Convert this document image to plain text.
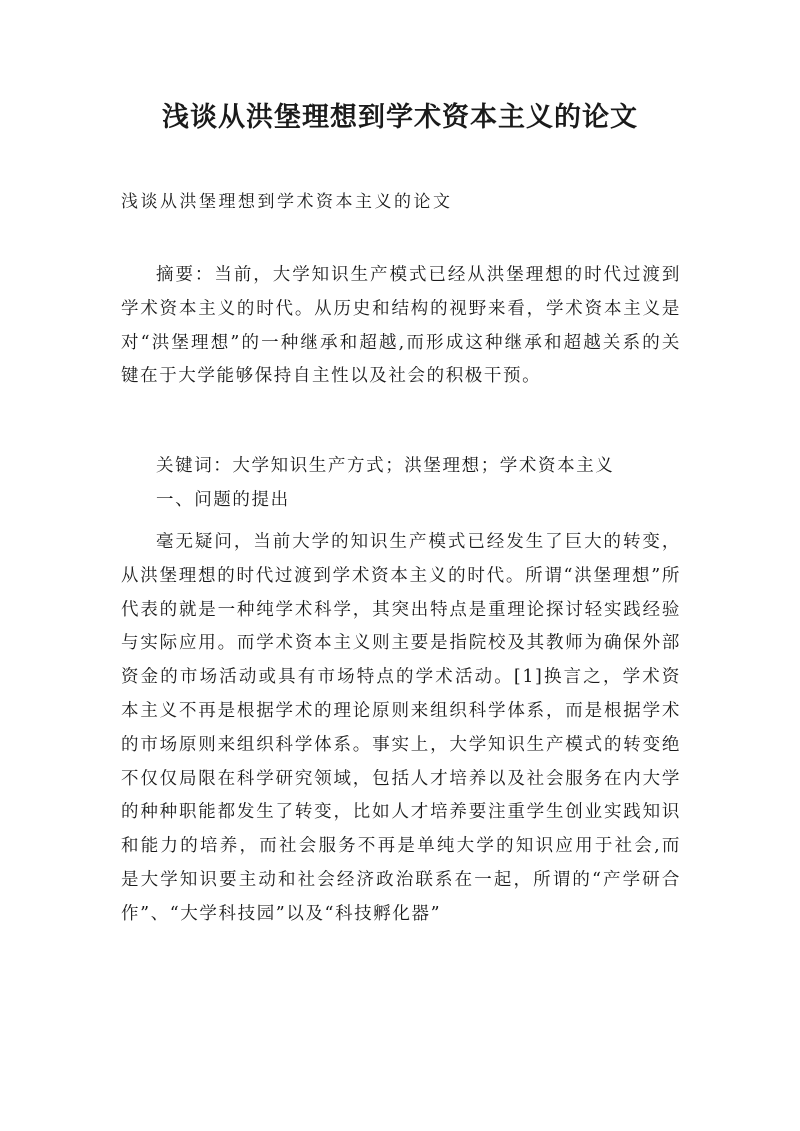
浅谈从洪堡理想到学术资本主义的论文

浅谈从洪堡理想到学术资本主义的论文

摘要：当前，大学知识生产模式已经从洪堡理想的时代过渡到学术资本主义的时代。从历史和结构的视野来看，学术资本主义是对“洪堡理想”的一种继承和超越,而形成这种继承和超越关系的关键在于大学能够保持自主性以及社会的积极干预。

关键词：大学知识生产方式；洪堡理想；学术资本主义

一、问题的提出

毫无疑问，当前大学的知识生产模式已经发生了巨大的转变，从洪堡理想的时代过渡到学术资本主义的时代。所谓“洪堡理想”所代表的就是一种纯学术科学，其突出特点是重理论探讨轻实践经验与实际应用。而学术资本主义则主要是指院校及其教师为确保外部资金的市场活动或具有市场特点的学术活动。[1]换言之，学术资本主义不再是根据学术的理论原则来组织科学体系，而是根据学术的市场原则来组织科学体系。事实上，大学知识生产模式的转变绝不仅仅局限在科学研究领域，包括人才培养以及社会服务在内大学的种种职能都发生了转变，比如人才培养要注重学生创业实践知识和能力的培养，而社会服务不再是单纯大学的知识应用于社会,而是大学知识要主动和社会经济政治联系在一起，所谓的“产学研合作”、“大学科技园”以及“科技孵化器”
